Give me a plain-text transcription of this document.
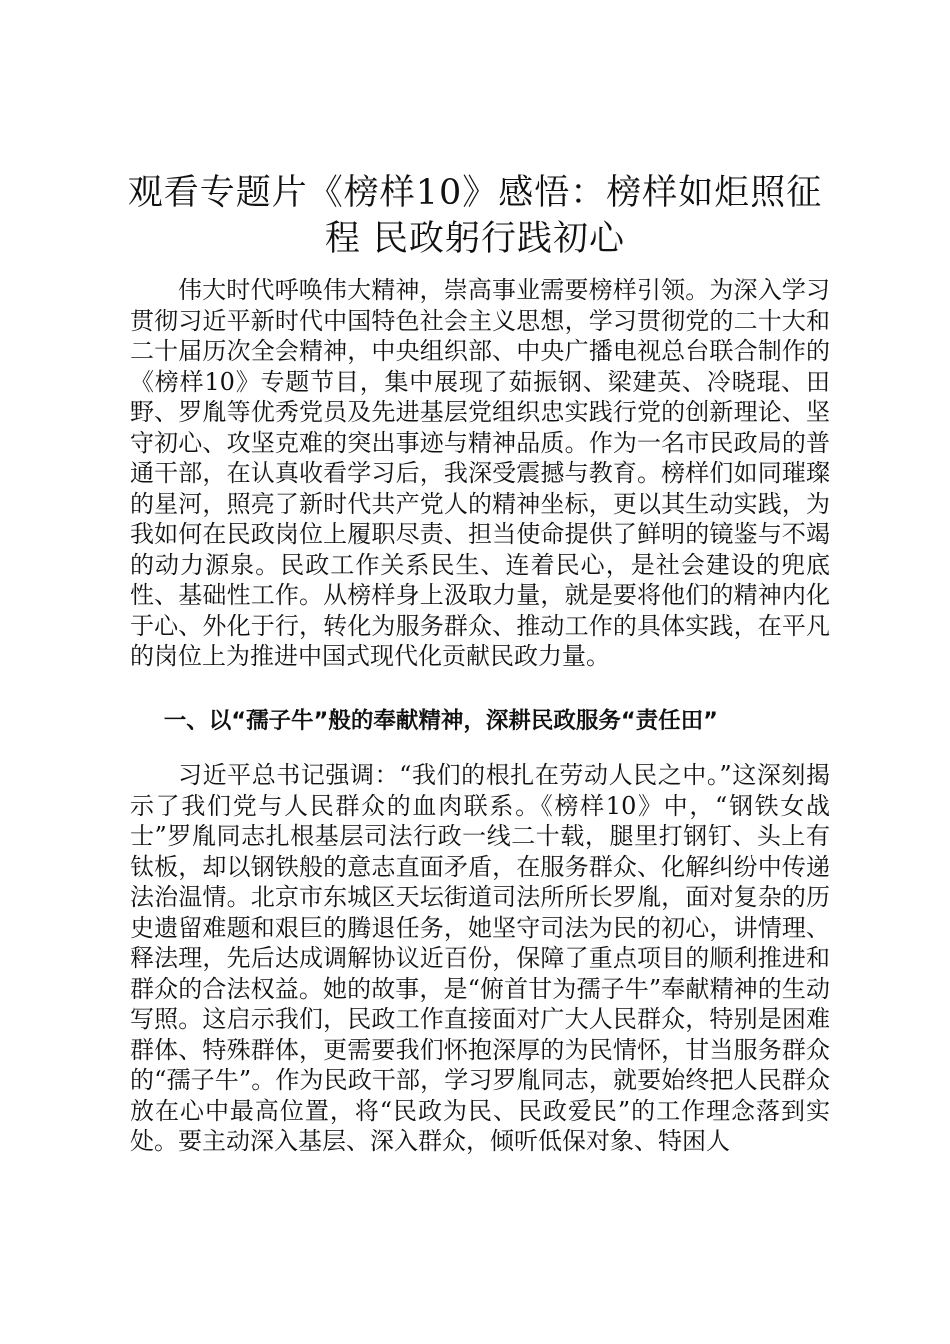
观看专题片《榜样10》感悟：榜样如炬照征
程 民政躬行践初心

伟大时代呼唤伟大精神，崇高事业需要榜样引领。为深入学习贯彻习近平新时代中国特色社会主义思想，学习贯彻党的二十大和二十届历次全会精神，中央组织部、中央广播电视总台联合制作的《榜样10》专题节目，集中展现了茹振钢、梁建英、冷晓琨、田野、罗胤等优秀党员及先进基层党组织忠实践行党的创新理论、坚守初心、攻坚克难的突出事迹与精神品质。作为一名市民政局的普通干部，在认真收看学习后，我深受震撼与教育。榜样们如同璀璨的星河，照亮了新时代共产党人的精神坐标，更以其生动实践，为我如何在民政岗位上履职尽责、担当使命提供了鲜明的镜鉴与不竭的动力源泉。民政工作关系民生、连着民心，是社会建设的兜底性、基础性工作。从榜样身上汲取力量，就是要将他们的精神内化于心、外化于行，转化为服务群众、推动工作的具体实践，在平凡的岗位上为推进中国式现代化贡献民政力量。

一、以“孺子牛”般的奉献精神，深耕民政服务“责任田”

习近平总书记强调：“我们的根扎在劳动人民之中。”这深刻揭示了我们党与人民群众的血肉联系。《榜样10》中，“钢铁女战士”罗胤同志扎根基层司法行政一线二十载，腿里打钢钉、头上有钛板，却以钢铁般的意志直面矛盾，在服务群众、化解纠纷中传递法治温情。北京市东城区天坛街道司法所所长罗胤，面对复杂的历史遗留难题和艰巨的腾退任务，她坚守司法为民的初心，讲情理、释法理，先后达成调解协议近百份，保障了重点项目的顺利推进和群众的合法权益。她的故事，是“俯首甘为孺子牛”奉献精神的生动写照。这启示我们，民政工作直接面对广大人民群众，特别是困难群体、特殊群体，更需要我们怀抱深厚的为民情怀，甘当服务群众的“孺子牛”。作为民政干部，学习罗胤同志，就要始终把人民群众放在心中最高位置，将“民政为民、民政爱民”的工作理念落到实处。要主动深入基层、深入群众，倾听低保对象、特困人
